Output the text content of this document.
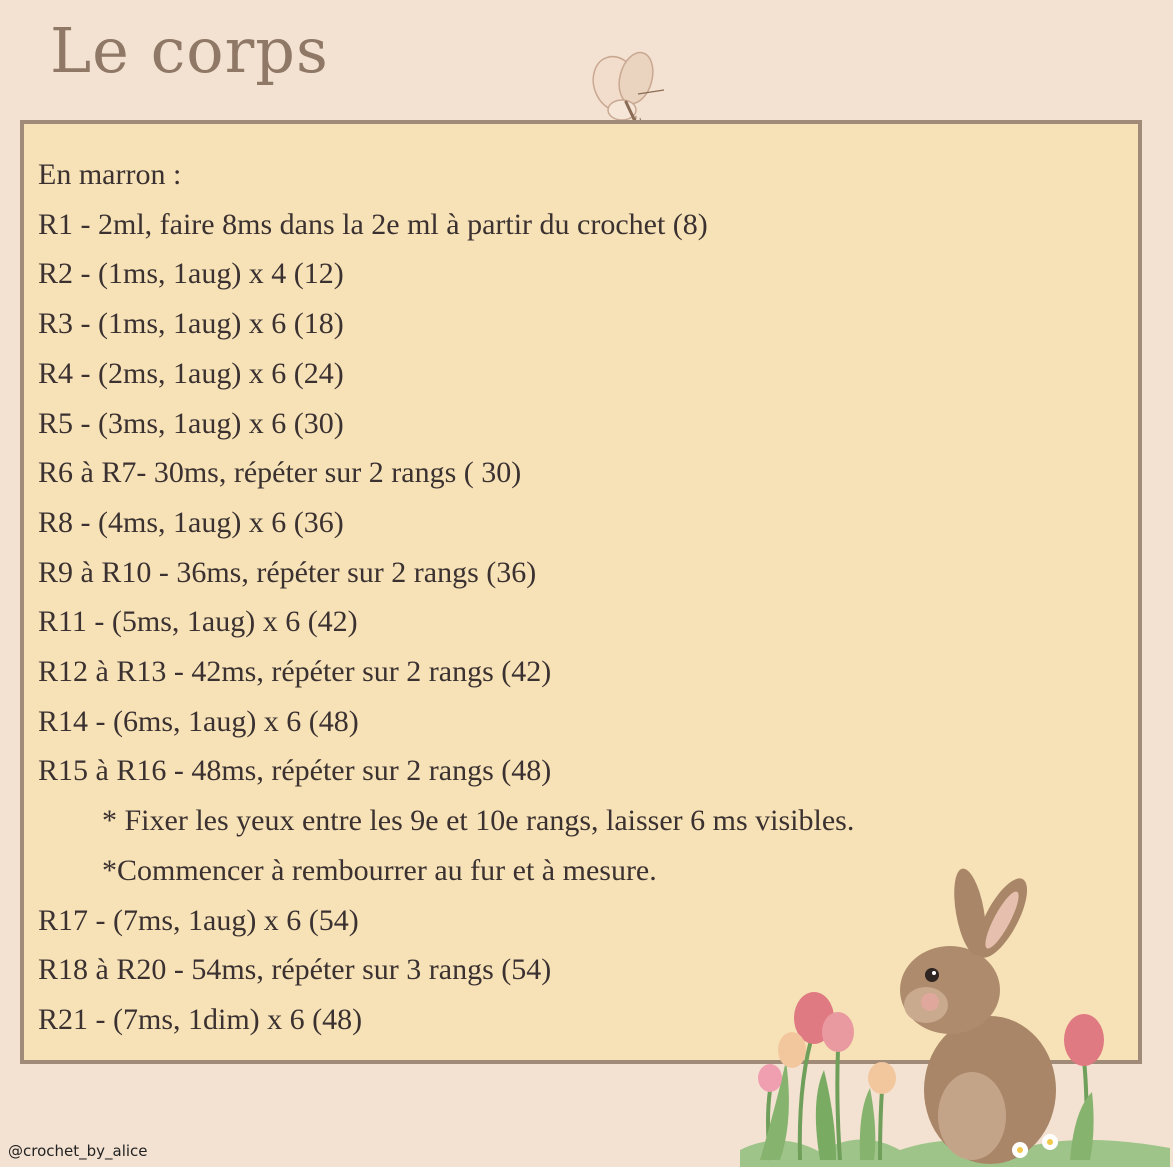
Le corps
En marron :
R1 - 2ml, faire 8ms dans la 2e ml à partir du crochet (8)
R2 - (1ms, 1aug) x 4 (12)
R3 - (1ms, 1aug) x 6 (18)
R4 - (2ms, 1aug) x 6 (24)
R5 - (3ms, 1aug) x 6 (30)
R6 à R7- 30ms, répéter sur 2 rangs ( 30)
R8 - (4ms, 1aug) x 6 (36)
R9 à R10 - 36ms, répéter sur 2 rangs (36)
R11 - (5ms, 1aug) x 6 (42)
R12 à R13 - 42ms, répéter sur 2 rangs (42)
R14 - (6ms, 1aug) x 6 (48)
R15 à R16 - 48ms, répéter sur 2 rangs (48)
* Fixer les yeux entre les 9e et 10e rangs, laisser 6 ms visibles.
*Commencer à rembourrer au fur et à mesure.
R17 - (7ms, 1aug) x 6 (54)
R18 à R20 - 54ms, répéter sur 3 rangs (54)
R21 - (7ms, 1dim) x 6 (48)
@crochet_by_alice
